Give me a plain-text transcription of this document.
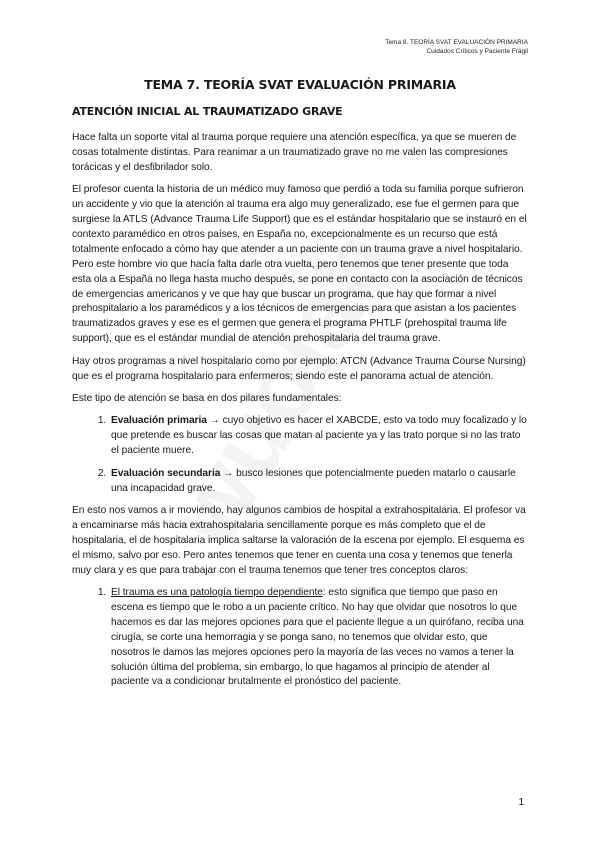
Tema 8. TEORÍA SVAT EVALUACIÓN PRIMARIA
Cuidados Críticos y Paciente Frágil
TEMA 7. TEORÍA SVAT EVALUACIÓN PRIMARIA
ATENCIÓN INICIAL AL TRAUMATIZADO GRAVE

Hace falta un soporte vital al trauma porque requiere una atención específica, ya que se mueren de cosas totalmente distintas. Para reanimar a un traumatizado grave no me valen las compresiones torácicas y el desfibrilador solo.

El profesor cuenta la historia de un médico muy famoso que perdió a toda su familia porque sufrieron un accidente y vio que la atención al trauma era algo muy generalizado, ese fue el germen para que surgiese la ATLS (Advance Trauma Life Support) que es el estándar hospitalario que se instauró en el contexto paramédico en otros países, en España no, excepcionalmente es un recurso que está totalmente enfocado a cómo hay que atender a un paciente con un trauma grave a nivel hospitalario. Pero este hombre vio que hacía falta darle otra vuelta, pero tenemos que tener presente que toda esta ola a España no llega hasta mucho después, se pone en contacto con la asociación de técnicos de emergencias americanos y ve que hay que buscar un programa, que hay que formar a nivel prehospitalario a los paramédicos y a los técnicos de emergencias para que asistan a los pacientes traumatizados graves y ese es el germen que genera el programa PHTLF (prehospital trauma life support), que es el estándar mundial de atención prehospitalaria del trauma grave.

Hay otros programas a nivel hospitalario como por ejemplo: ATCN (Advance Trauma Course Nursing) que es el programa hospitalario para enfermeros; siendo este el panorama actual de atención.

Este tipo de atención se basa en dos pilares fundamentales:

1. Evaluación primaria → cuyo objetivo es hacer el XABCDE, esto va todo muy focalizado y lo que pretende es buscar las cosas que matan al paciente ya y las trato porque si no las trato el paciente muere.
2. Evaluación secundaria → busco lesiones que potencialmente pueden matarlo o causarle una incapacidad grave.

En esto nos vamos a ir moviendo, hay algunos cambios de hospital a extrahospitalaria. El profesor va a encaminarse más hacia extrahospitalaria sencillamente porque es más completo que el de hospitalaria, el de hospitalaria implica saltarse la valoración de la escena por ejemplo. El esquema es el mismo, salvo por eso. Pero antes tenemos que tener en cuenta una cosa y tenemos que tenerla muy clara y es que para trabajar con el trauma tenemos que tener tres conceptos claros:

1. El trauma es una patología tiempo dependiente: esto significa que tiempo que paso en escena es tiempo que le robo a un paciente crítico. No hay que olvidar que nosotros lo que hacemos es dar las mejores opciones para que el paciente llegue a un quirófano, reciba una cirugía, se corte una hemorragia y se ponga sano, no tenemos que olvidar esto, que nosotros le damos las mejores opciones pero la mayoría de las veces no vamos a tener la solución última del problema, sin embargo, lo que hagamos al principio de atender al paciente va a condicionar brutalmente el pronóstico del paciente.
1
